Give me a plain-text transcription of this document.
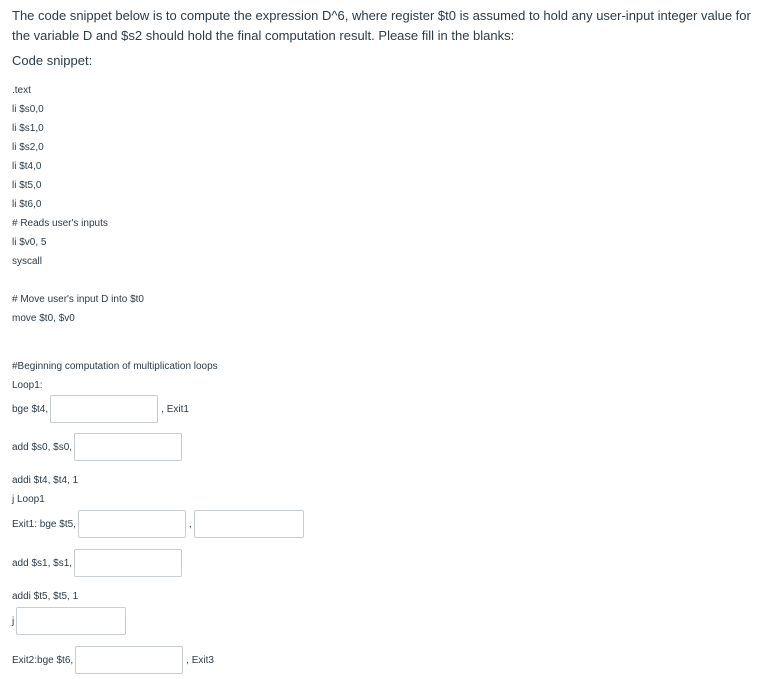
The code snippet below is to compute the expression D^6, where register $t0 is assumed to hold any user-input integer value for the variable D and $s2 should hold the final computation result. Please fill in the blanks:
Code snippet:
.text
li $s0,0
li $s1,0
li $s2,0
li $t4,0
li $t5,0
li $t6,0
# Reads user's inputs
li $v0, 5
syscall
# Move user's input D into $t0
move $t0, $v0
#Beginning computation of multiplication loops
Loop1:
bge $t4,	, Exit1
add $s0, $s0,
addi $t4, $t4, 1
j Loop1
Exit1: bge $t5,	,
add $s1, $s1,
addi $t5, $t5, 1
j
Exit2:bge $t6,	, Exit3
